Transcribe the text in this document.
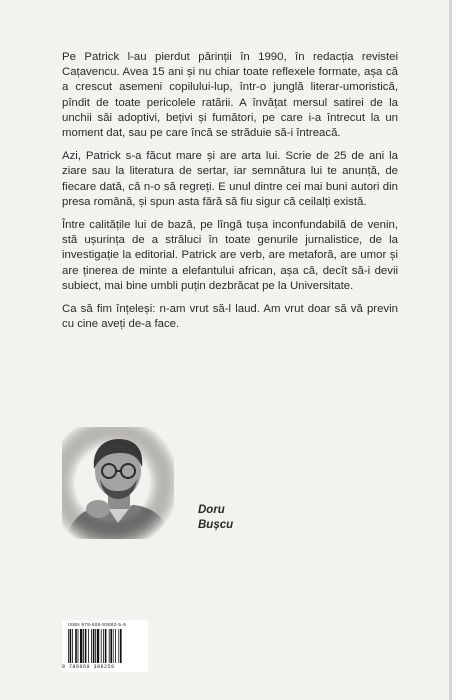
Pe Patrick l-au pierdut părinții în 1990, în redacția revistei Cațavencu. Avea 15 ani și nu chiar toate reflexele formate, așa că a crescut asemeni copilului-lup, într-o junglă literar-umoristică, pîndit de toate pericolele ratării. A învățat mersul satirei de la unchii săi adoptivi, bețivi și fumători, pe care i-a întrecut la un moment dat, sau pe care încă se străduie să-i întreacă.

Azi, Patrick s-a făcut mare și are arta lui. Scrie de 25 de ani la ziare sau la literatura de sertar, iar semnătura lui te anunță, de fiecare dată, că n-o să regreți. E unul dintre cei mai buni autori din presa română, și spun asta fără să fiu sigur că ceilalți există.

Între calitățile lui de bază, pe lîngă tușa inconfundabilă de venin, stă ușurința de a străluci în toate genurile jurnalistice, de la investigație la editorial. Patrick are verb, are metaforă, are umor și are ținerea de minte a elefantului african, așa că, decît să-i devii subiect, mai bine umbli puțin dezbrăcat pe la Universitate.

Ca să fim înțeleși: n-am vrut să-l laud. Am vrut doar să vă previn cu cine aveți de-a face.

Doru
Bușcu
ISBN 978-606-93882-5-9
9 786069 388259
